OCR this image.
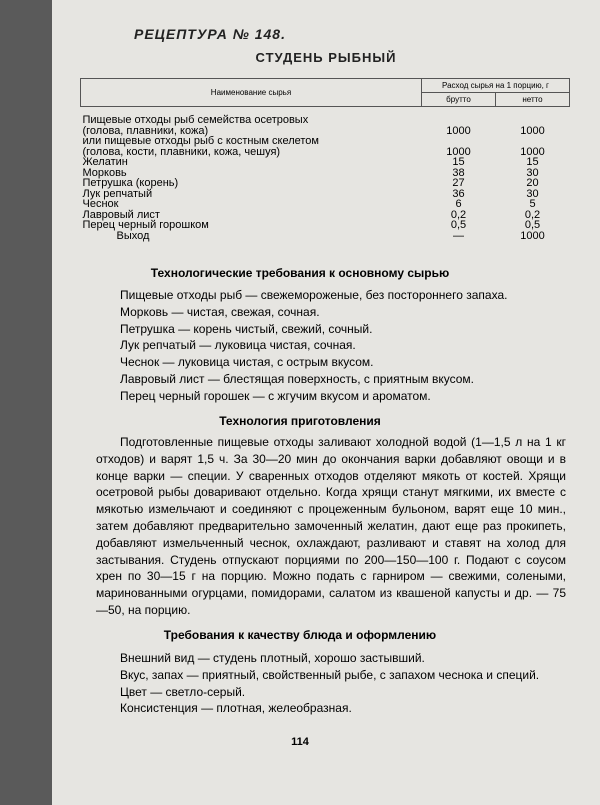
РЕЦЕПТУРА № 148.
СТУДЕНЬ РЫБНЫЙ
Наименование сырья	Расход сырья на 1 порцию, г	
	брутто	нетто

Пищевые отходы рыб семейства осетровых		
(голова, плавники, кожа)	1000	1000
или пищевые отходы рыб с костным скелетом		
(голова, кости, плавники, кожа, чешуя)	1000	1000
Желатин	15	15
Морковь	38	30
Петрушка (корень)	27	20
Лук репчатый	36	30
Чеснок	6	5
Лавровый лист	0,2	0,2
Перец черный горошком	0,5	0,5
Выход	—	1000
Технологические требования к основному сырью

Пищевые отходы рыб — свежемороженые, без постороннего запаха.

Морковь — чистая, свежая, сочная.

Петрушка — корень чистый, свежий, сочный.

Лук репчатый — луковица чистая, сочная.

Чеснок — луковица чистая, с острым вкусом.

Лавровый лист — блестящая поверхность, с приятным вкусом.

Перец черный горошек — с жгучим вкусом и ароматом.

Технология приготовления

Подготовленные пищевые отходы заливают холодной водой (1—1,5 л на 1 кг отходов) и варят 1,5 ч. За 30—20 мин до окончания варки добавляют овощи и в конце варки — специи. У сваренных отходов отделяют мякоть от костей. Хрящи осетровой рыбы доваривают отдельно. Когда хрящи станут мягкими, их вместе с мякотью измельчают и соединяют с процеженным бульоном, варят еще 10 мин., затем добавляют предварительно замоченный желатин, дают еще раз прокипеть, добавляют измельченный чеснок, охлаждают, разливают и ставят на холод для застывания. Студень отпускают порциями по 200—150—100 г. Подают с соусом хрен по 30—15 г на порцию. Можно подать с гарниром — свежими, солеными, маринованными огурцами, помидорами, салатом из квашеной капусты и др. — 75—50, на порцию.

Требования к качеству блюда и оформлению

Внешний вид — студень плотный, хорошо застывший.

Вкус, запах — приятный, свойственный рыбе, с запахом чеснока и специй.

Цвет — светло-серый.

Консистенция — плотная, желеобразная.

114
